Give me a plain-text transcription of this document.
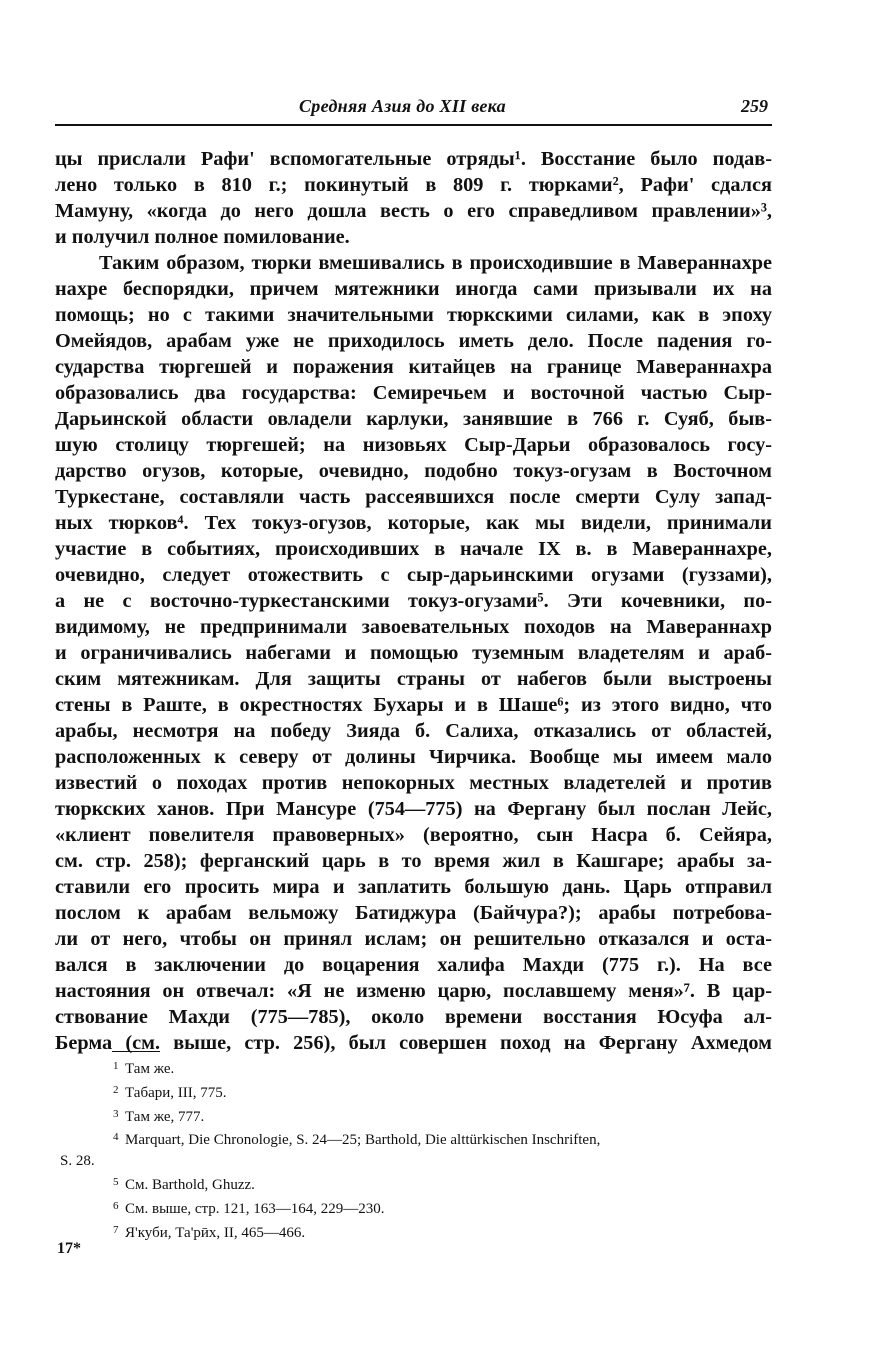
Средняя Азия до XII века	259
цы прислали Рафи' вспомогательные отряды¹. Восстание было подав-
лено только в 810 г.; покинутый в 809 г. тюрками², Рафи' сдался
Мамуну, «когда до него дошла весть о его справедливом правлении»³,
и получил полное помилование.
Таким образом, тюрки вмешивались в происходившие в Мавераннахре
нахре беспорядки, причем мятежники иногда сами призывали их на
помощь; но с такими значительными тюркскими силами, как в эпоху
Омейядов, арабам уже не приходилось иметь дело. После падения го-
сударства тюргешей и поражения китайцев на границе Мавераннахра
образовались два государства: Семиречьем и восточной частью Сыр-
Дарьинской области овладели карлуки, занявшие в 766 г. Суяб, быв-
шую столицу тюргешей; на низовьях Сыр-Дарьи образовалось госу-
дарство огузов, которые, очевидно, подобно токуз-огузам в Восточном
Туркестане, составляли часть рассеявшихся после смерти Сулу запад-
ных тюрков⁴. Тех токуз-огузов, которые, как мы видели, принимали
участие в событиях, происходивших в начале IX в. в Мавераннахре,
очевидно, следует отожествить с сыр-дарьинскими огузами (гуззами),
а не с восточно-туркестанскими токуз-огузами⁵. Эти кочевники, по-
видимому, не предпринимали завоевательных походов на Мавераннахр
и ограничивались набегами и помощью туземным владетелям и араб-
ским мятежникам. Для защиты страны от набегов были выстроены
стены в Раште, в окрестностях Бухары и в Шаше⁶; из этого видно, что
арабы, несмотря на победу Зияда б. Салиха, отказались от областей,
расположенных к северу от долины Чирчика. Вообще мы имеем мало
известий о походах против непокорных местных владетелей и против
тюркских ханов. При Мансуре (754—775) на Фергану был послан Лейс,
«клиент повелителя правоверных» (вероятно, сын Насра б. Сейяра,
см. стр. 258); ферганский царь в то время жил в Кашгаре; арабы за-
ставили его просить мира и заплатить большую дань. Царь отправил
послом к арабам вельможу Батиджура (Байчура?); арабы потребова-
ли от него, чтобы он принял ислам; он решительно отказался и оста-
вался в заключении до воцарения халифа Махди (775 г.). На все
настояния он отвечал: «Я не изменю царю, пославшему меня»⁷. В цар-
ствование Махди (775—785), около времени восстания Юсуфа ал-
Берма (см. выше, стр. 256), был совершен поход на Фергану Ахмедом
1 Там же.
2 Табари, III, 775.
3 Там же, 777.
4 Marquart, Die Chronologie, S. 24—25; Barthold, Die alttürkischen Inschriften,
S. 28.
5 См. Barthold, Ghuzz.
6 См. выше, стр. 121, 163—164, 229—230.
7 Я'куби, Та'рӣх, II, 465—466.
17*
